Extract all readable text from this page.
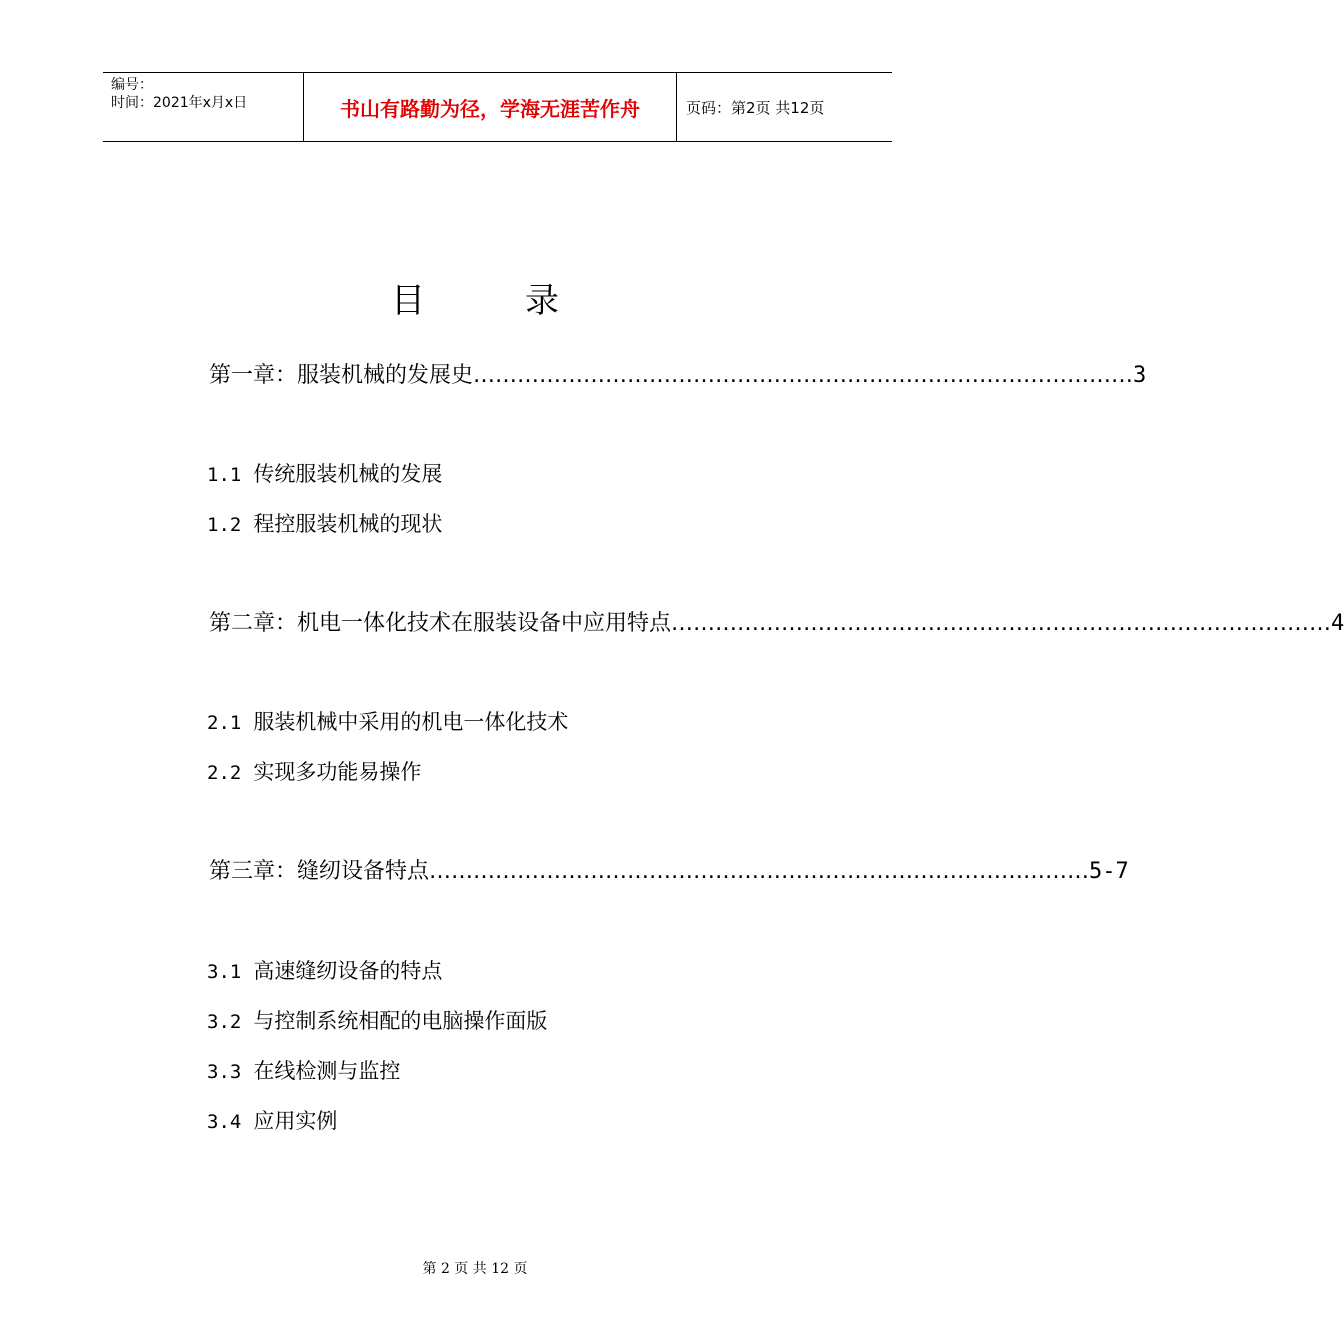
编号：
时间：2021年x月x日	书山有路勤为径，学海无涯苦作舟	页码：第2页 共12页
目录
第一章：服装机械的发展史 ……………………………………………………………………………… 3
1.1 传统服装机械的发展
1.2 程控服装机械的现状
第二章：机电一体化技术在服装设备中应用特点 ……………………………………………………………………………… 4
2.1 服装机械中采用的机电一体化技术
2.2 实现多功能易操作
第三章：缝纫设备特点 ……………………………………………………………………………… 5-7
3.1 高速缝纫设备的特点
3.2 与控制系统相配的电脑操作面版
3.3 在线检测与监控
3.4 应用实例
第 2 页 共 12 页
